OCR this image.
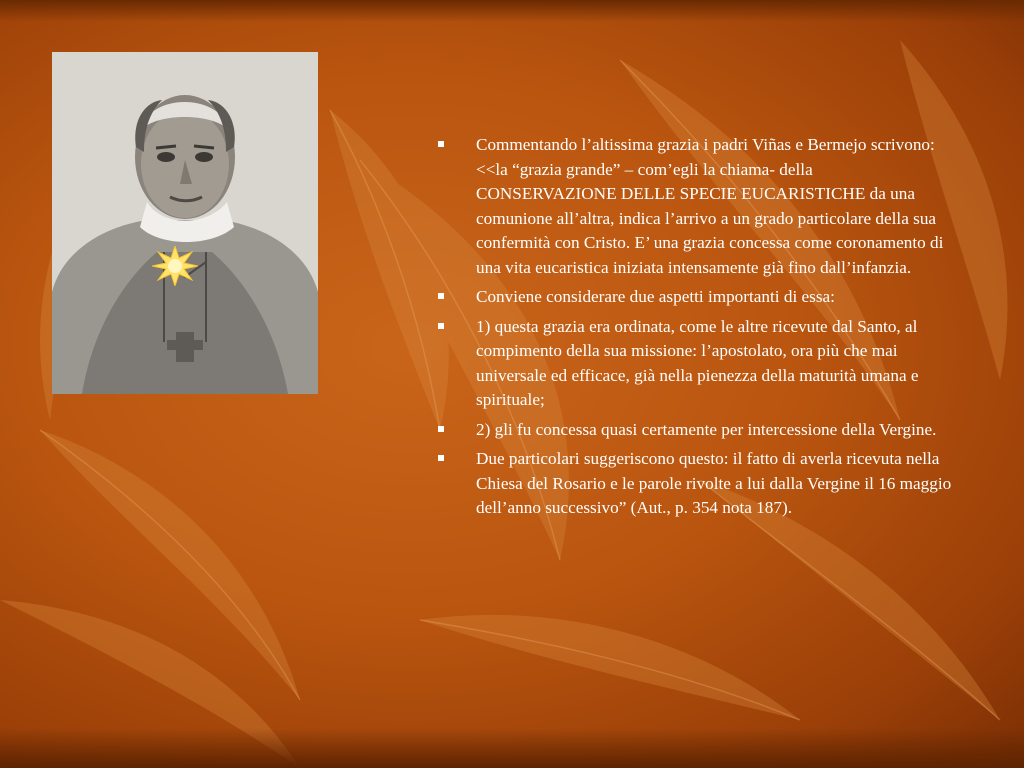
Commentando l’altissima grazia i padri Viñas e Bermejo scrivono: <<la “grazia grande” – com’egli la chiama- della CONSERVAZIONE DELLE SPECIE EUCARISTICHE da una comunione all’altra, indica l’arrivo a un grado particolare della sua confermità con Cristo. E’ una grazia concessa come coronamento di una vita eucaristica iniziata intensamente già fino dall’infanzia.
Conviene considerare due aspetti importanti di essa:
1) questa grazia era ordinata, come le altre ricevute dal Santo, al compimento della sua missione: l’apostolato, ora più che mai universale ed efficace, già nella pienezza della maturità umana e spirituale;
2) gli fu concessa quasi certamente per intercessione della Vergine.
Due particolari suggeriscono questo: il fatto di averla ricevuta nella Chiesa del Rosario e le parole rivolte a lui dalla Vergine il 16 maggio dell’anno successivo” (Aut., p. 354 nota 187).
